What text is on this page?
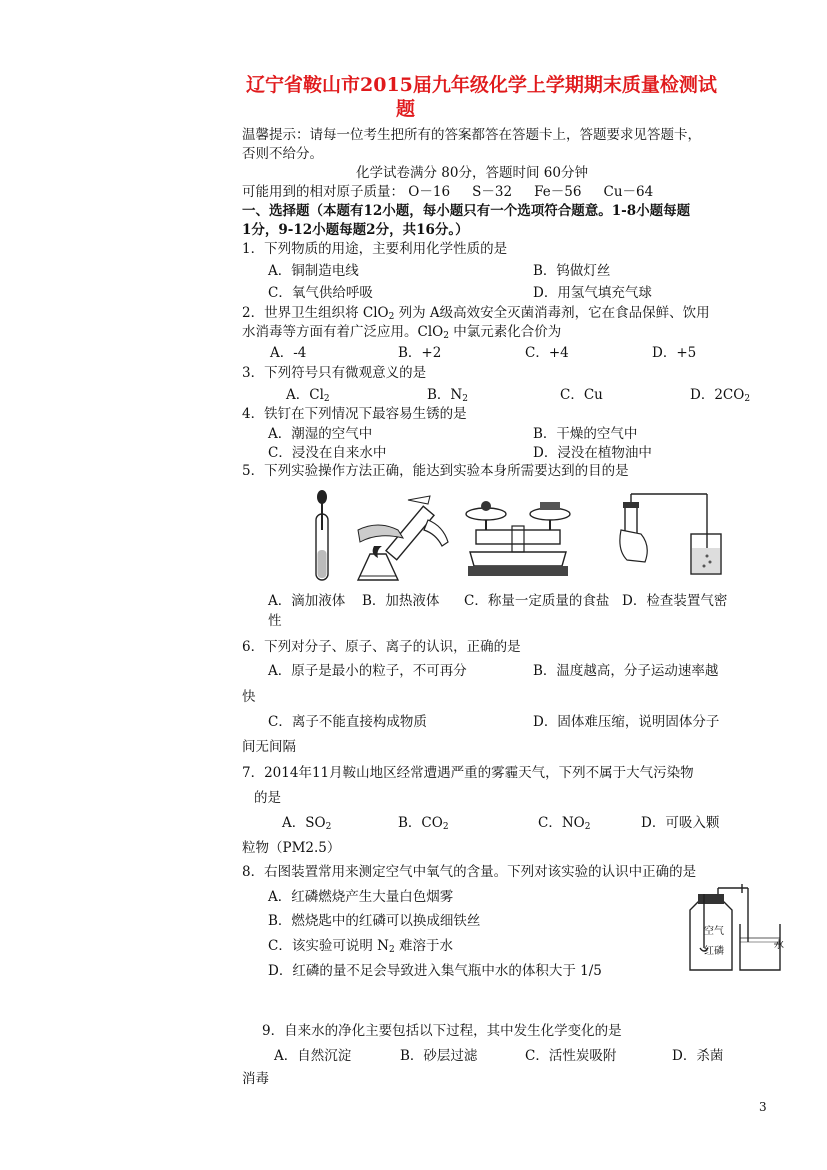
辽宁省鞍山市2015届九年级化学上学期期末质量检测试
题
温馨提示：请每一位考生把所有的答案都答在答题卡上，答题要求见答题卡，
否则不给分。
化学试卷满分 80分，答题时间 60分钟
可能用到的相对原子质量： O－16 　 S－32 　 Fe－56 　 Cu－64
一、选择题（本题有12小题，每小题只有一个选项符合题意。1-8小题每题
1分，9-12小题每题2分，共16分。）
1．下列物质的用途，主要利用化学性质的是
A．铜制造电线	B．钨做灯丝
C．氧气供给呼吸	D．用氢气填充气球
2．世界卫生组织将 ClO$_2$ 列为 A级高效安全灭菌消毒剂，它在食品保鲜、饮用
水消毒等方面有着广泛应用。ClO$_2$ 中氯元素化合价为
A．-4	B．+2	C．+4	D．+5
3．下列符号只有微观意义的是
A．$Cl_2$	B．$N_2$	C．Cu	D．$2CO_2$
4．铁钉在下列情况下最容易生锈的是
A．潮湿的空气中	B．干燥的空气中
C．浸没在自来水中	D．浸没在植物油中
5．下列实验操作方法正确，能达到实验本身所需要达到的目的是
A．滴加液体 B．加热液体 C．称量一定质量的食盐 D．检查装置气密
性
6．下列对分子、原子、离子的认识，正确的是
A．原子是最小的粒子，不可再分	B．温度越高，分子运动速率越
快
C．离子不能直接构成物质	D．固体难压缩，说明固体分子
间无间隔
7．2014年11月鞍山地区经常遭遇严重的雾霾天气，下列不属于大气污染物
的是
A．$SO_2$	B．$CO_2$	C．$NO_2$	D．可吸入颗
粒物（PM2.5）
8．右图装置常用来测定空气中氧气的含量。下列对该实验的认识中正确的是
A．红磷燃烧产生大量白色烟雾
B．燃烧匙中的红磷可以换成细铁丝
C．该实验可说明 $N_2$ 难溶于水
D．红磷的量不足会导致进入集气瓶中水的体积大于 1/5
空气
红磷
水
9．自来水的净化主要包括以下过程，其中发生化学变化的是
A．自然沉淀	B．砂层过滤	C．活性炭吸附	D．杀菌
消毒
3
